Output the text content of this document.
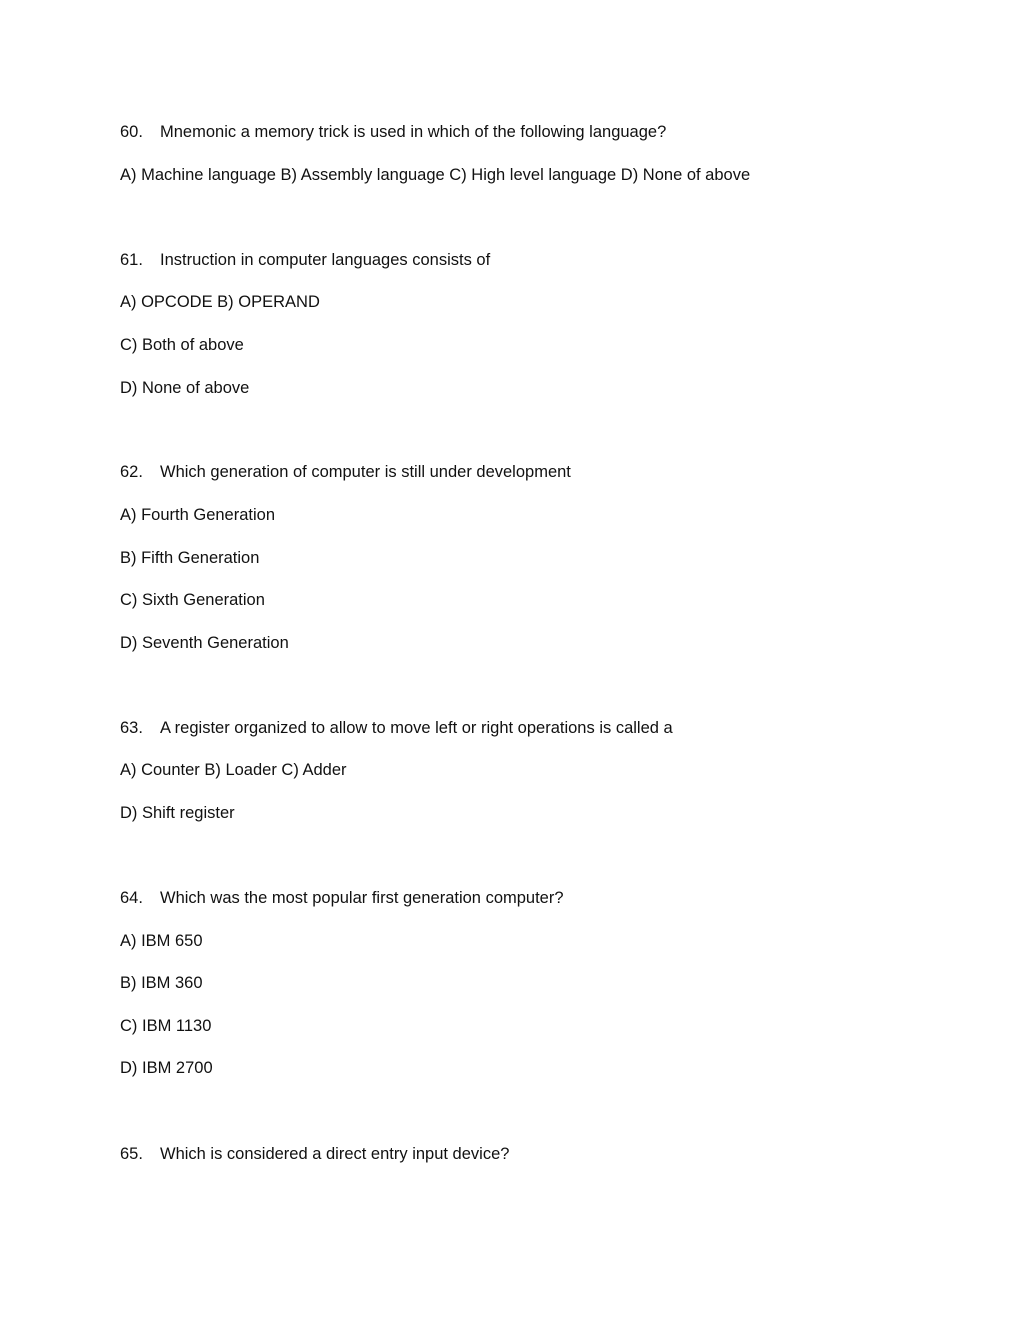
60. Mnemonic a memory trick is used in which of the following language?
A) Machine language B) Assembly language C) High level language D) None of above
61. Instruction in computer languages consists of
A) OPCODE B) OPERAND
C) Both of above
D) None of above
62. Which generation of computer is still under development
A) Fourth Generation
B) Fifth Generation
C) Sixth Generation
D) Seventh Generation
63. A register organized to allow to move left or right operations is called a
A) Counter B) Loader C) Adder
D) Shift register
64. Which was the most popular first generation computer?
A) IBM 650
B) IBM 360
C) IBM 1130
D) IBM 2700
65. Which is considered a direct entry input device?
